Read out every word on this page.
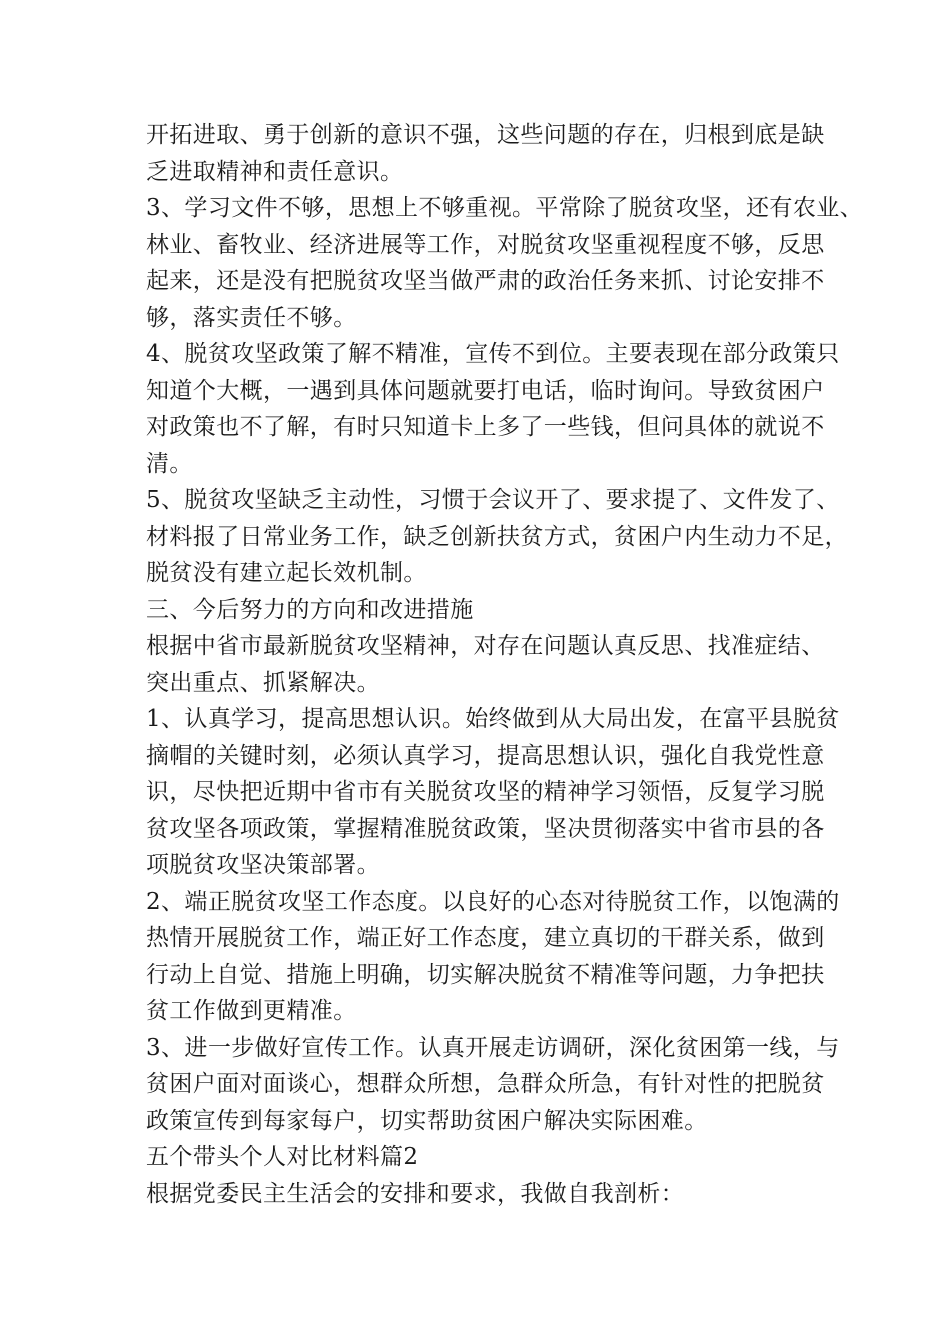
开拓进取、勇于创新的意识不强，这些问题的存在，归根到底是缺

乏进取精神和责任意识。

3、学习文件不够，思想上不够重视。平常除了脱贫攻坚，还有农业、

林业、畜牧业、经济进展等工作，对脱贫攻坚重视程度不够，反思

起来，还是没有把脱贫攻坚当做严肃的政治任务来抓、讨论安排不

够，落实责任不够。

4、脱贫攻坚政策了解不精准，宣传不到位。主要表现在部分政策只

知道个大概，一遇到具体问题就要打电话，临时询问。导致贫困户

对政策也不了解，有时只知道卡上多了一些钱，但问具体的就说不

清。

5、脱贫攻坚缺乏主动性，习惯于会议开了、要求提了、文件发了、

材料报了日常业务工作，缺乏创新扶贫方式，贫困户内生动力不足，

脱贫没有建立起长效机制。

三、今后努力的方向和改进措施

根据中省市最新脱贫攻坚精神，对存在问题认真反思、找准症结、

突出重点、抓紧解决。

1、认真学习，提高思想认识。始终做到从大局出发，在富平县脱贫

摘帽的关键时刻，必须认真学习，提高思想认识，强化自我党性意

识，尽快把近期中省市有关脱贫攻坚的精神学习领悟，反复学习脱

贫攻坚各项政策，掌握精准脱贫政策，坚决贯彻落实中省市县的各

项脱贫攻坚决策部署。

2、端正脱贫攻坚工作态度。以良好的心态对待脱贫工作，以饱满的

热情开展脱贫工作，端正好工作态度，建立真切的干群关系，做到

行动上自觉、措施上明确，切实解决脱贫不精准等问题，力争把扶

贫工作做到更精准。

3、进一步做好宣传工作。认真开展走访调研，深化贫困第一线，与

贫困户面对面谈心，想群众所想，急群众所急，有针对性的把脱贫

政策宣传到每家每户，切实帮助贫困户解决实际困难。

五个带头个人对比材料篇2

根据党委民主生活会的安排和要求，我做自我剖析：
